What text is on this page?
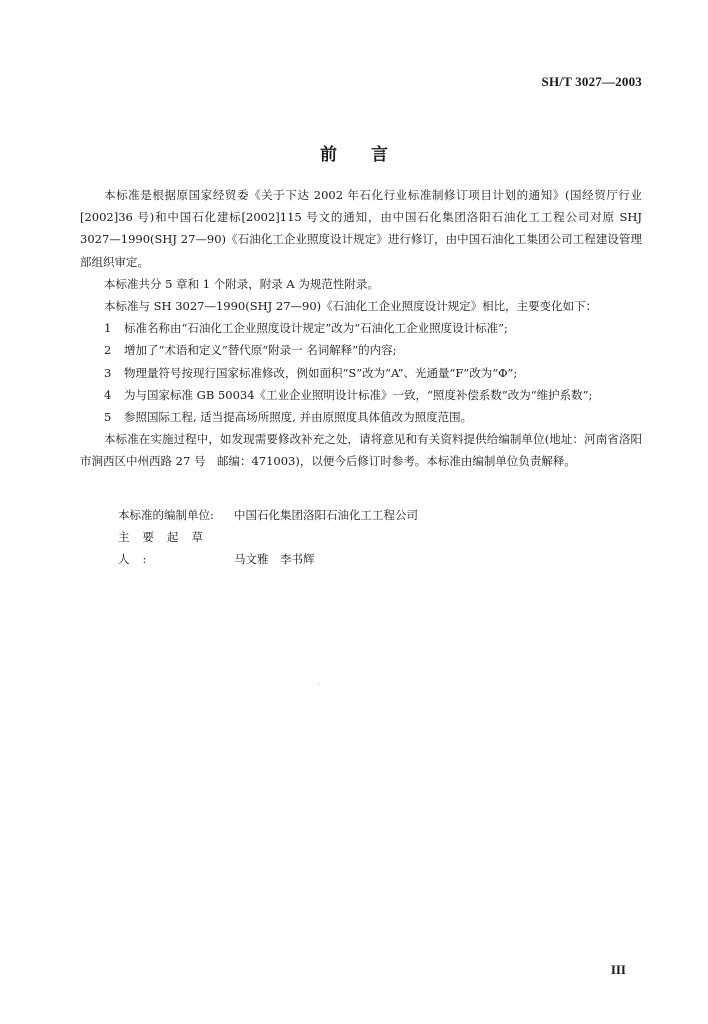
SH/T 3027—2003
前言

本标准是根据原国家经贸委《关于下达 2002 年石化行业标准制修订项目计划的通知》(国经贸厅行业[2002]36 号)和中国石化建标[2002]115 号文的通知，由中国石化集团洛阳石油化工工程公司对原 SHJ 3027—1990(SHJ 27—90)《石油化工企业照度设计规定》进行修订，由中国石油化工集团公司工程建设管理部组织审定。

本标准共分 5 章和 1 个附录，附录 A 为规范性附录。

本标准与 SH 3027—1990(SHJ 27—90)《石油化工企业照度设计规定》相比，主要变化如下：

1 标准名称由“石油化工企业照度设计规定”改为“石油化工企业照度设计标准”;

2 增加了“术语和定义”替代原“附录一 名词解释”的内容;

3 物理量符号按现行国家标准修改，例如面积“S”改为“A”、光通量“F”改为“Φ”;

4 为与国家标准 GB 50034《工业企业照明设计标准》一致，“照度补偿系数”改为“维护系数”;

5 参照国际工程, 适当提高场所照度, 并由原照度具体值改为照度范围。

本标准在实施过程中，如发现需要修改补充之处，请将意见和有关资料提供给编制单位(地址：河南省洛阳市涧西区中州西路 27 号　邮编：471003)，以便今后修订时参考。本标准由编制单位负责解释。

本标准的编制单位: 中国石化集团洛阳石油化工工程公司
主要起草人:	马文雅　李书辉
III
